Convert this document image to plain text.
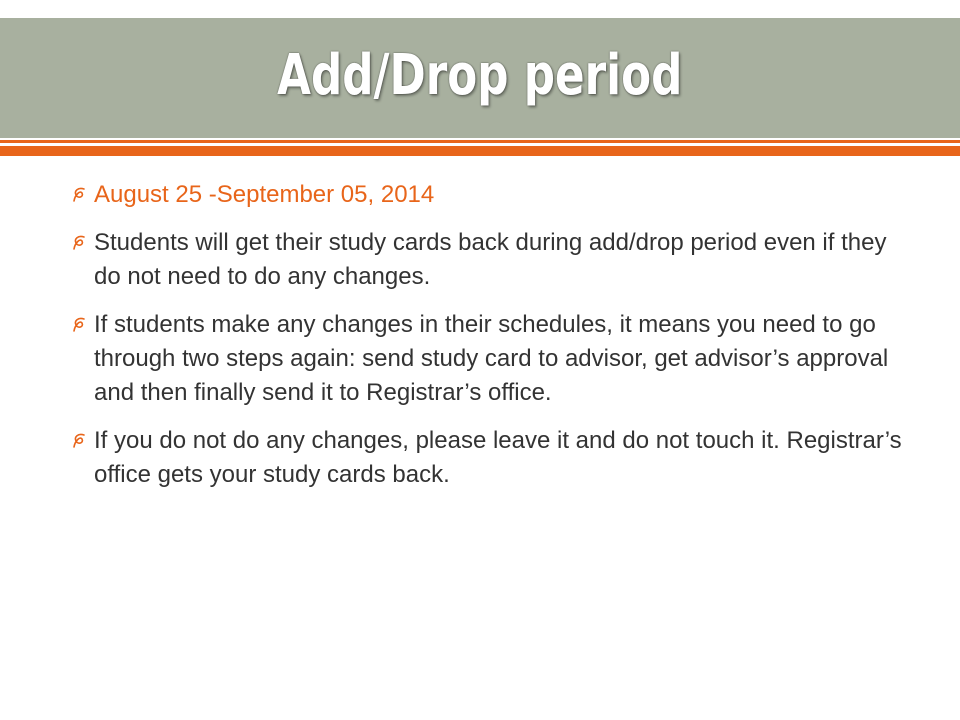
Add/Drop period
August 25 -September 05, 2014
Students will get their study cards back during add/drop period even if they do not need to do any changes.
If students make any changes in their schedules, it means you need to go through two steps again: send study card to advisor, get advisor’s approval and then finally send it to Registrar’s office.
If you do not do any changes, please leave it and do not touch it. Registrar’s office gets your study cards back.
